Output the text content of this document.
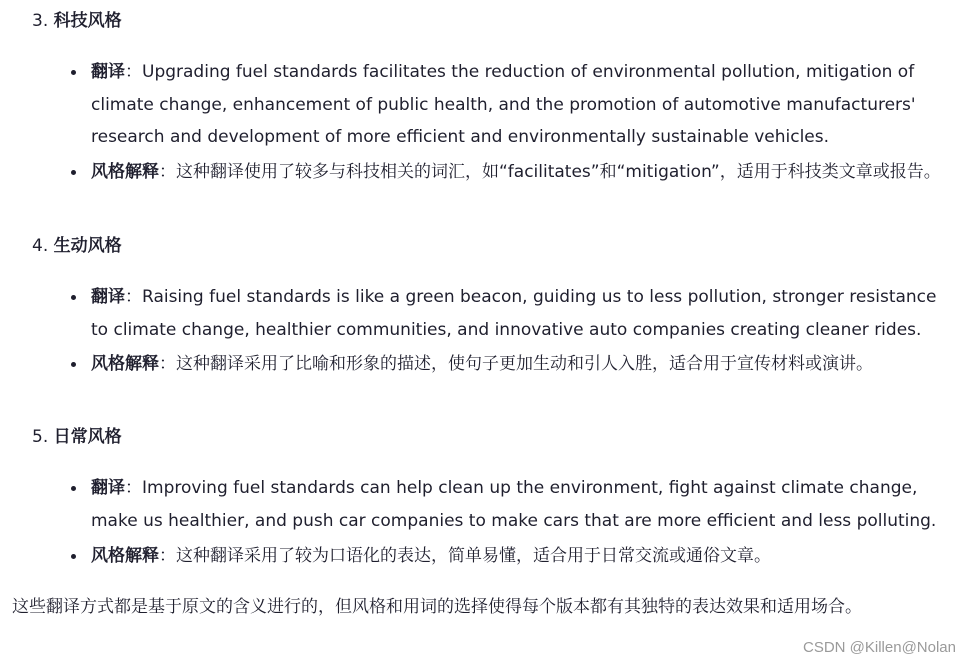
3. 科技风格
翻译：Upgrading fuel standards facilitates the reduction of environmental pollution, mitigation of climate change, enhancement of public health, and the promotion of automotive manufacturers' research and development of more efficient and environmentally sustainable vehicles.
风格解释：这种翻译使用了较多与科技相关的词汇，如“facilitates”和“mitigation”，适用于科技类文章或报告。
4. 生动风格
翻译：Raising fuel standards is like a green beacon, guiding us to less pollution, stronger resistance to climate change, healthier communities, and innovative auto companies creating cleaner rides.
风格解释：这种翻译采用了比喻和形象的描述，使句子更加生动和引人入胜，适合用于宣传材料或演讲。
5. 日常风格
翻译：Improving fuel standards can help clean up the environment, fight against climate change, make us healthier, and push car companies to make cars that are more efficient and less polluting.
风格解释：这种翻译采用了较为口语化的表达，简单易懂，适合用于日常交流或通俗文章。
这些翻译方式都是基于原文的含义进行的，但风格和用词的选择使得每个版本都有其独特的表达效果和适用场合。
CSDN @Killen@Nolan
